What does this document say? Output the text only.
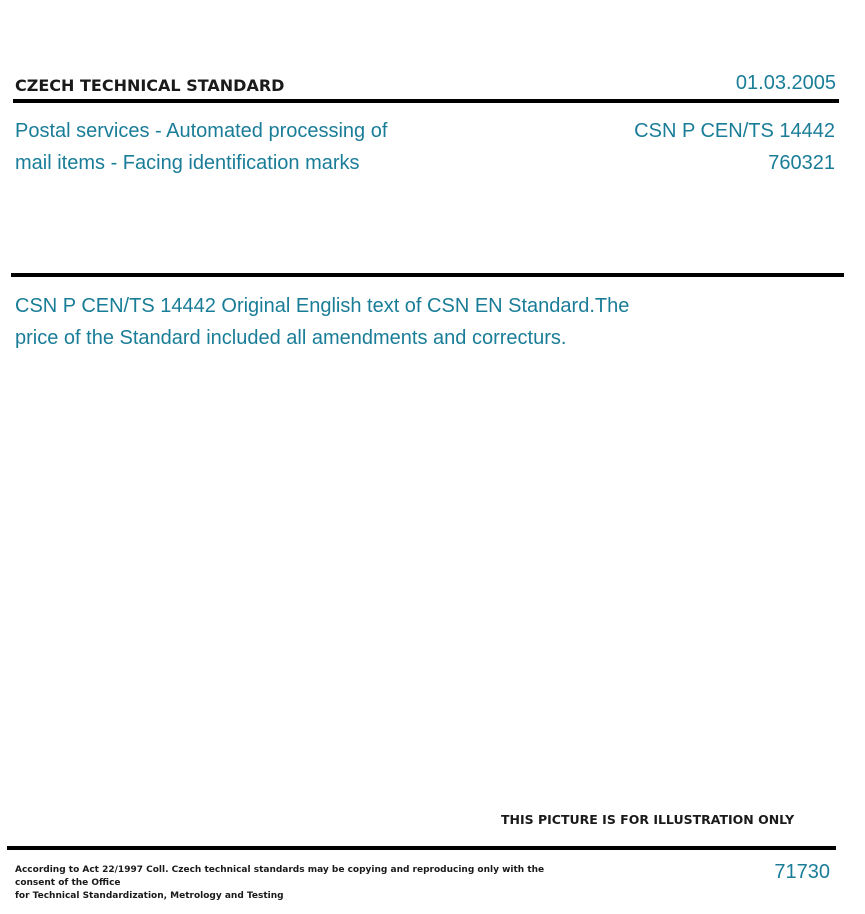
CZECH TECHNICAL STANDARD	01.03.2005
Postal services - Automated processing of
mail items - Facing identification marks
CSN P CEN/TS 14442
760321
CSN P CEN/TS 14442 Original English text of CSN EN Standard.The
price of the Standard included all amendments and correcturs.
THIS PICTURE IS FOR ILLUSTRATION ONLY
According to Act 22/1997 Coll. Czech technical standards may be copying and reproducing only with the consent of the Office
for Technical Standardization, Metrology and Testing
71730
